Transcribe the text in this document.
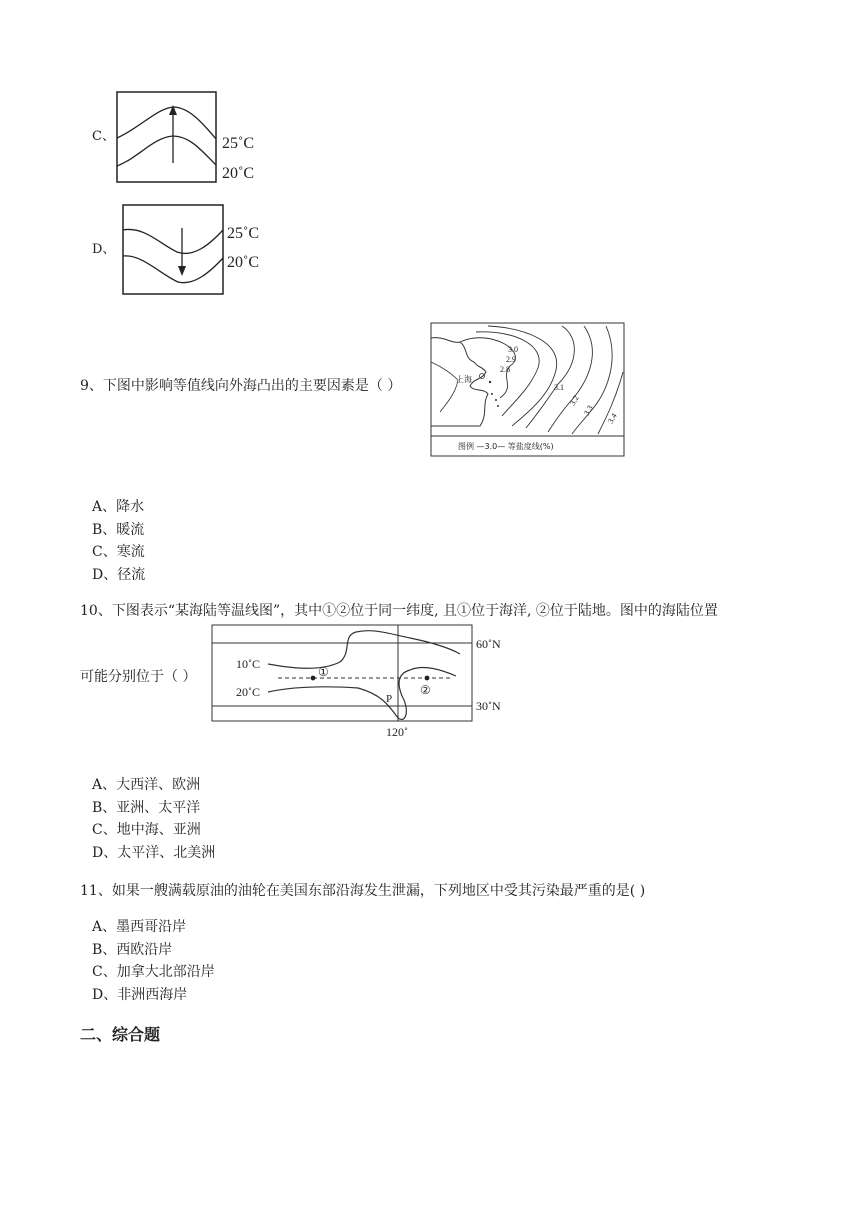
C、	25˚C
20˚C
D、
25˚C
20˚C
9、下图中影响等值线向外海凸出的主要因素是（ ）	上海
3.0
2.9
2.8
3.1
3.2
3.3
3.4
图例 —3.0— 等盐度线(%)
A、降水
B、暖流
C、寒流
D、径流
10、下图表示“某海陆等温线图”，其中①②位于同一纬度, 且①位于海洋, ②位于陆地。图中的海陆位置
可能分别位于（ ）
10˚C
20˚C
60˚N
30˚N
120˚
①
②
P
A、大西洋、欧洲
B、亚洲、太平洋
C、地中海、亚洲
D、太平洋、北美洲
11、如果一艘满载原油的油轮在美国东部沿海发生泄漏，下列地区中受其污染最严重的是( )
A、墨西哥沿岸
B、西欧沿岸
C、加拿大北部沿岸
D、非洲西海岸
二、综合题
